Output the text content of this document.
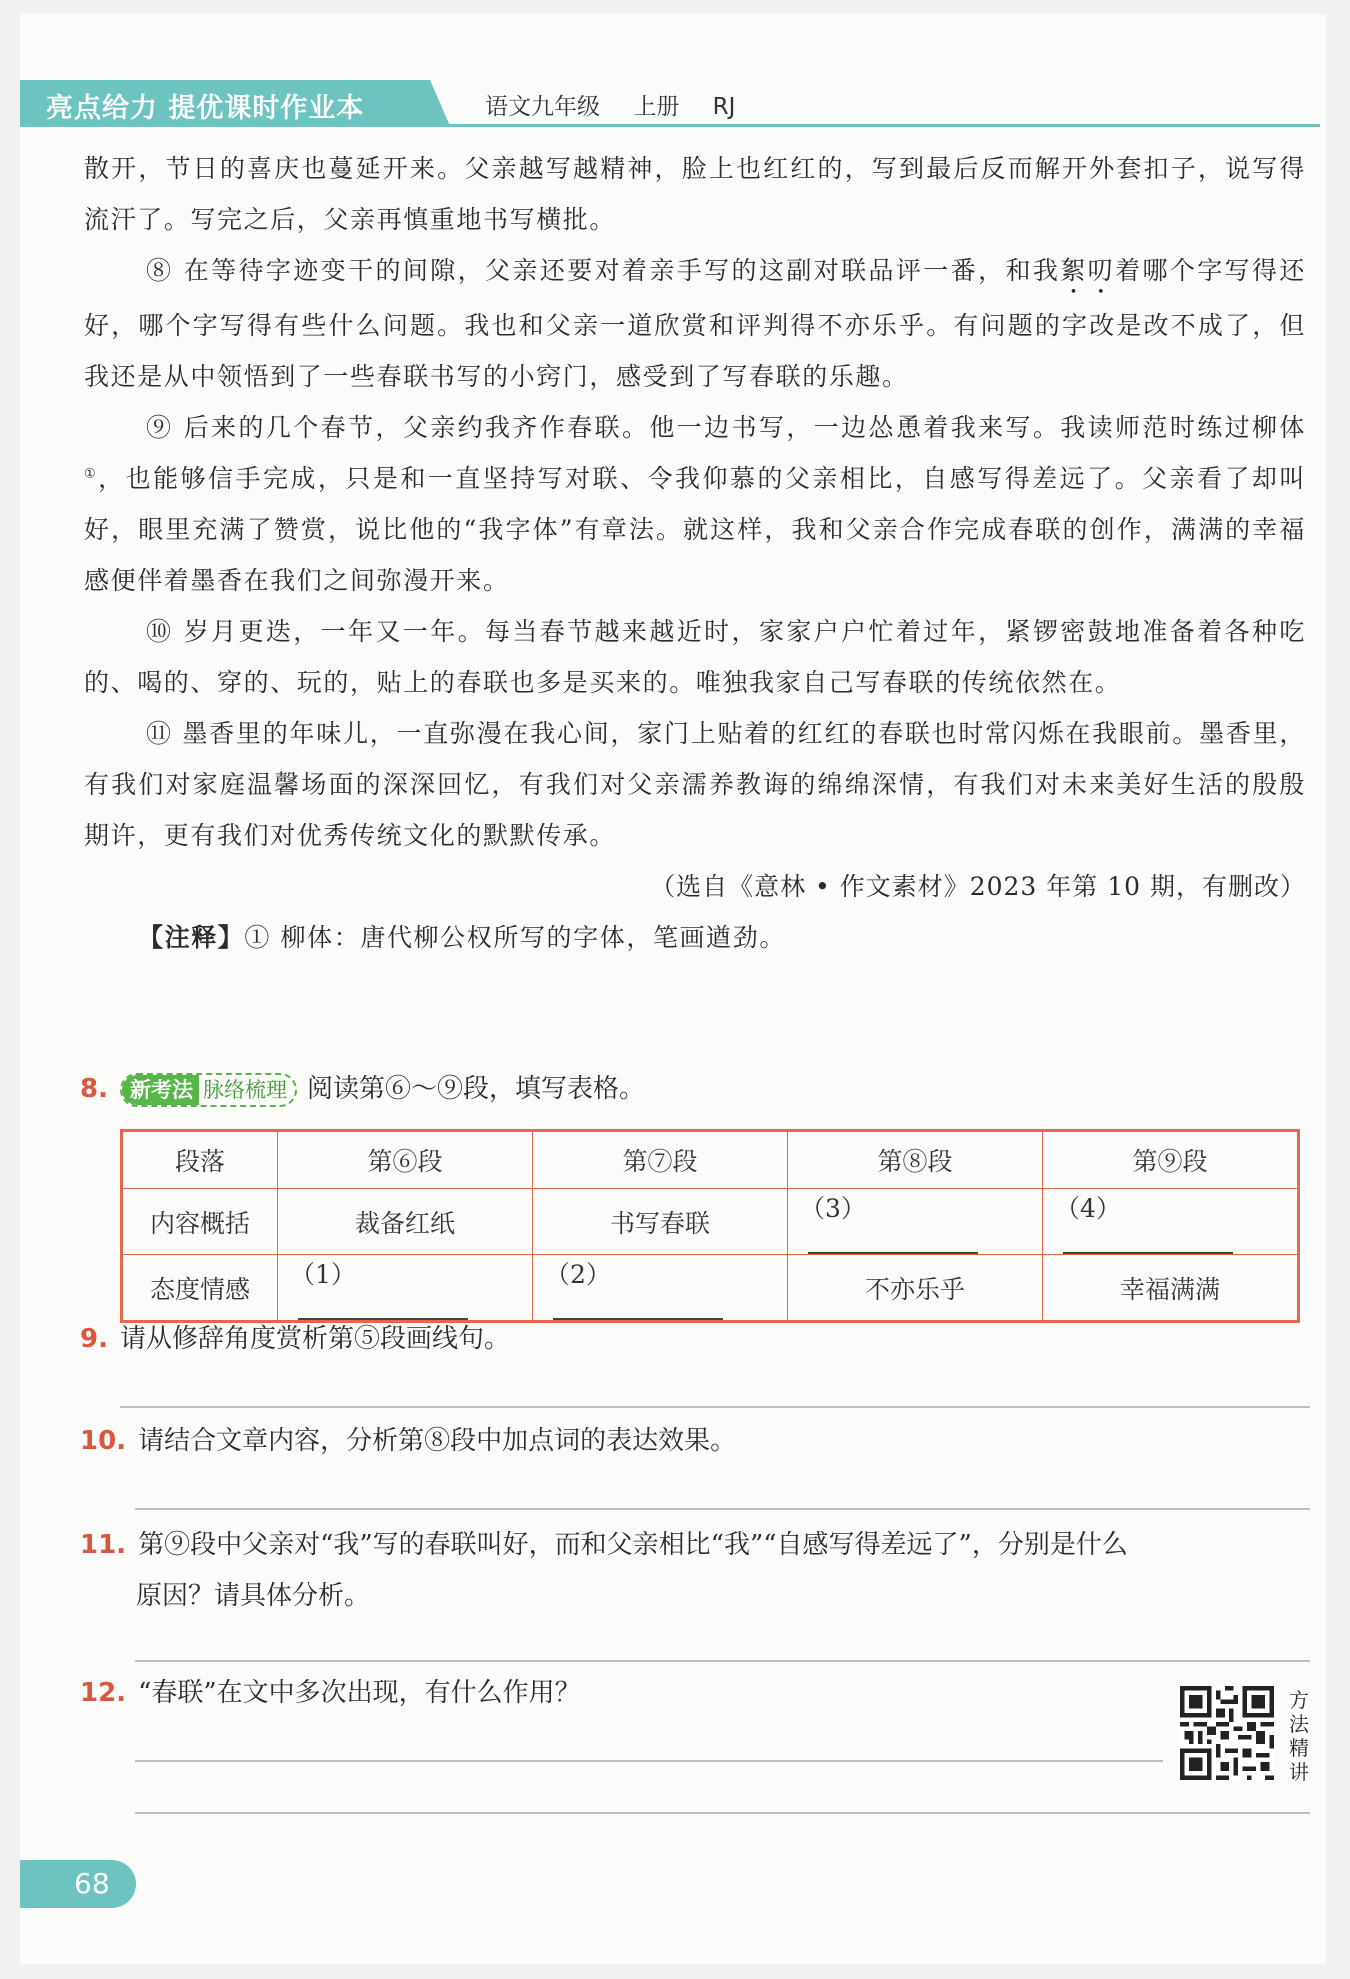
亮点给力 提优课时作业本	语文九年级 上册 RJ

散开，节日的喜庆也蔓延开来。父亲越写越精神，脸上也红红的，写到最后反而解开外套扣子，说写得流汗了。写完之后，父亲再慎重地书写横批。

⑧ 在等待字迹变干的间隙，父亲还要对着亲手写的这副对联品评一番，和我絮叨着哪个字写得还好，哪个字写得有些什么问题。我也和父亲一道欣赏和评判得不亦乐乎。有问题的字改是改不成了，但我还是从中领悟到了一些春联书写的小窍门，感受到了写春联的乐趣。

⑨ 后来的几个春节，父亲约我齐作春联。他一边书写，一边怂恿着我来写。我读师范时练过柳体①，也能够信手完成，只是和一直坚持写对联、令我仰慕的父亲相比，自感写得差远了。父亲看了却叫好，眼里充满了赞赏，说比他的“我字体”有章法。就这样，我和父亲合作完成春联的创作，满满的幸福感便伴着墨香在我们之间弥漫开来。

⑩ 岁月更迭，一年又一年。每当春节越来越近时，家家户户忙着过年，紧锣密鼓地准备着各种吃的、喝的、穿的、玩的，贴上的春联也多是买来的。唯独我家自己写春联的传统依然在。

⑪ 墨香里的年味儿，一直弥漫在我心间，家门上贴着的红红的春联也时常闪烁在我眼前。墨香里，有我们对家庭温馨场面的深深回忆，有我们对父亲濡养教诲的绵绵深情，有我们对未来美好生活的殷殷期许，更有我们对优秀传统文化的默默传承。

（选自《意林 • 作文素材》2023 年第 10 期，有删改）

【注释】① 柳体：唐代柳公权所写的字体，笔画遒劲。

8. 新考法 脉络梳理 阅读第⑥～⑨段，填写表格。
段落	第⑥段	第⑦段	第⑧段	第⑨段
内容概括	裁备红纸	书写春联	（3）	（4）
态度情感	（1）	（2）	不亦乐乎	幸福满满
9. 请从修辞角度赏析第⑤段画线句。
10. 请结合文章内容，分析第⑧段中加点词的表达效果。
11. 第⑨段中父亲对“我”写的春联叫好，而和父亲相比“我”“自感写得差远了”，分别是什么
原因？请具体分析。
12. “春联”在文中多次出现，有什么作用？	方
法
精
讲
68
